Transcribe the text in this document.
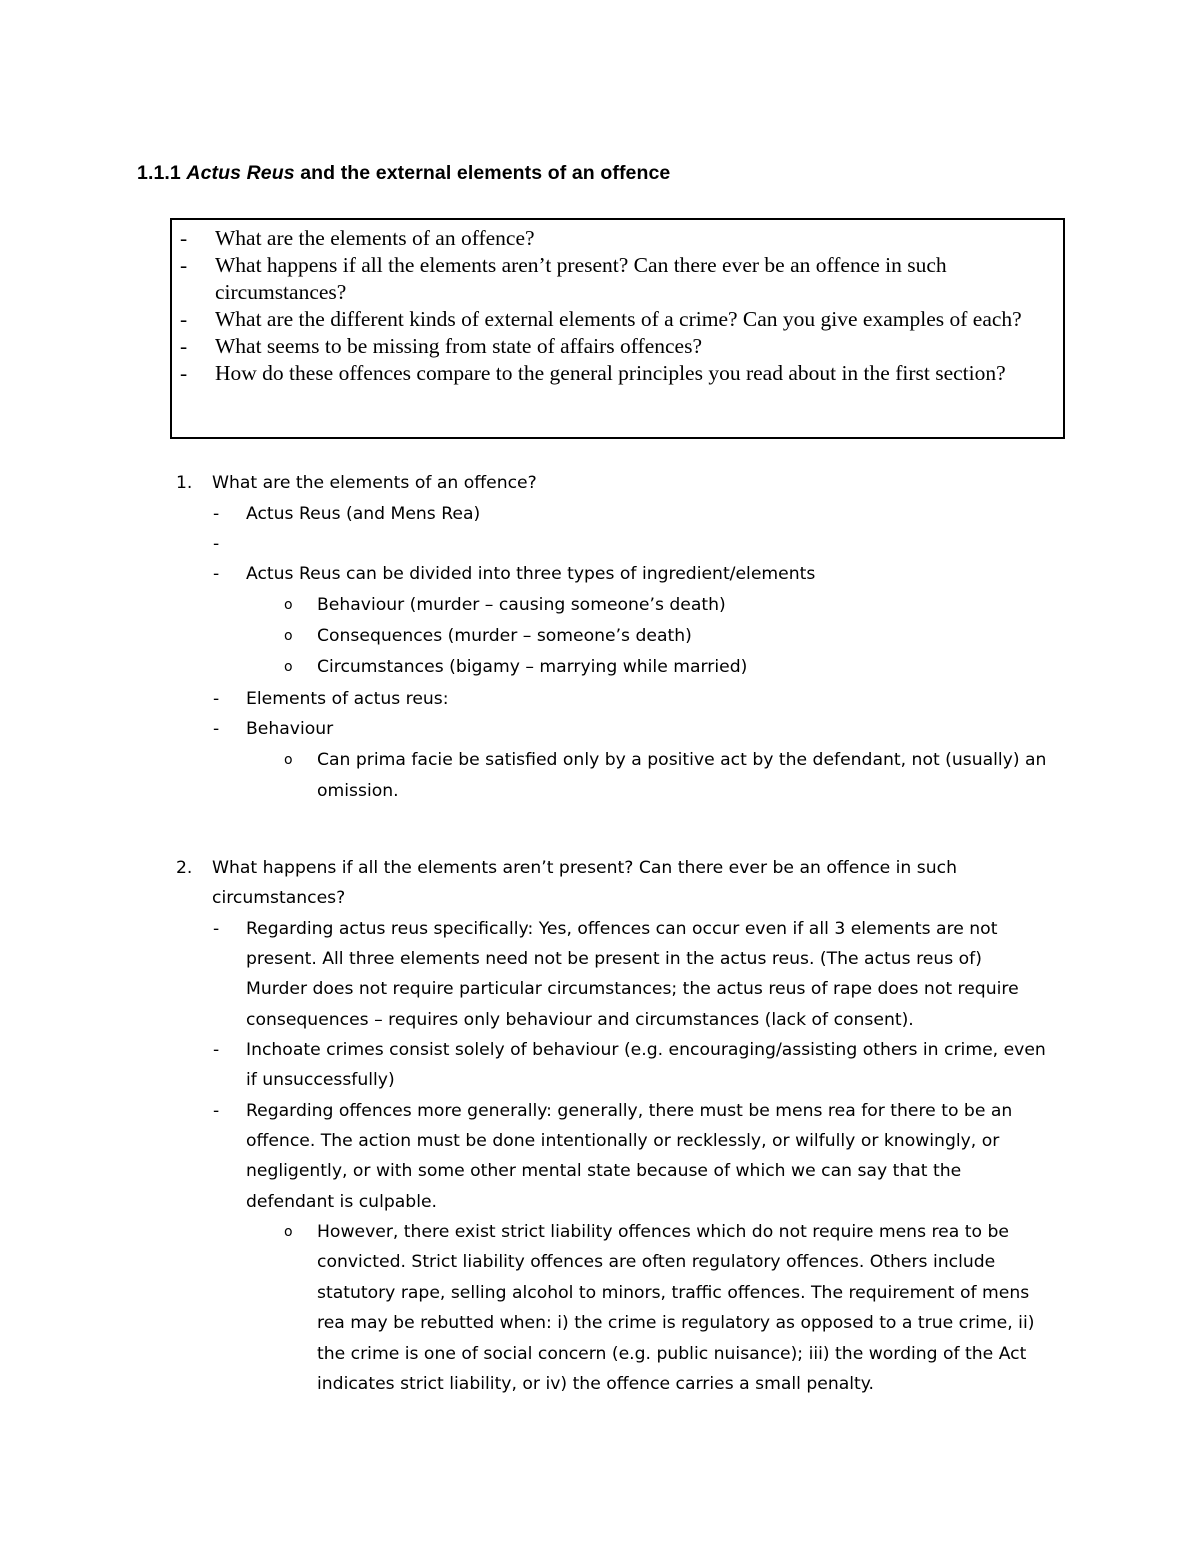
1.1.1 Actus Reus and the external elements of an offence
-	What are the elements of an offence?
-	What happens if all the elements aren’t present? Can there ever be an offence in such circumstances?
-	What are the different kinds of external elements of a crime? Can you give examples of each?
-	What seems to be missing from state of affairs offences?
-	How do these offences compare to the general principles you read about in the first section?
1. What are the elements of an offence?
- Actus Reus (and Mens Rea)
-
- Actus Reus can be divided into three types of ingredient/elements
o Behaviour (murder – causing someone’s death)
o Consequences (murder – someone’s death)
o Circumstances (bigamy – marrying while married)
- Elements of actus reus:
- Behaviour
o Can prima facie be satisfied only by a positive act by the defendant, not (usually) an
omission.
2. What happens if all the elements aren’t present? Can there ever be an offence in such
circumstances?
- Regarding actus reus specifically: Yes, offences can occur even if all 3 elements are not
present. All three elements need not be present in the actus reus. (The actus reus of)
Murder does not require particular circumstances; the actus reus of rape does not require
consequences – requires only behaviour and circumstances (lack of consent).
- Inchoate crimes consist solely of behaviour (e.g. encouraging/assisting others in crime, even
if unsuccessfully)
- Regarding offences more generally: generally, there must be mens rea for there to be an
offence. The action must be done intentionally or recklessly, or wilfully or knowingly, or
negligently, or with some other mental state because of which we can say that the
defendant is culpable.
o However, there exist strict liability offences which do not require mens rea to be
convicted. Strict liability offences are often regulatory offences. Others include
statutory rape, selling alcohol to minors, traffic offences. The requirement of mens
rea may be rebutted when: i) the crime is regulatory as opposed to a true crime, ii)
the crime is one of social concern (e.g. public nuisance); iii) the wording of the Act
indicates strict liability, or iv) the offence carries a small penalty.
